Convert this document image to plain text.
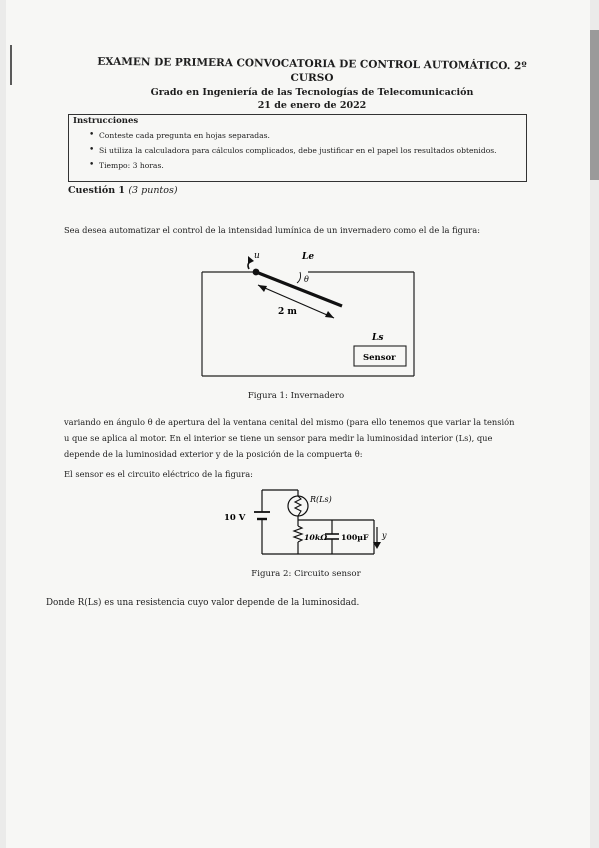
EXAMEN DE PRIMERA CONVOCATORIA DE CONTROL AUTOMÁTICO. 2º
CURSO
Grado en Ingeniería de las Tecnologías de Telecomunicación
21 de enero de 2022
Instrucciones
• Conteste cada pregunta en hojas separadas.
• Si utiliza la calculadora para cálculos complicados, debe justificar en el papel los resultados obtenidos.
• Tiempo: 3 horas.
Cuestión 1 (3 puntos)
Sea desea automatizar el control de la intensidad lumínica de un invernadero como el de la figura:
u	Le
θ
2 m
Ls
Sensor
Figura 1: Invernadero
variando en ángulo θ de apertura del la ventana cenital del mismo (para ello tenemos que variar la tensión
u que se aplica al motor. En el interior se tiene un sensor para medir la luminosidad interior (Ls), que
depende de la luminosidad exterior y de la posición de la compuerta θ:
El sensor es el circuito eléctrico de la figura:
10 V
R(Ls)
10kΩ 100µF y
Figura 2: Circuito sensor
Donde R(Ls) es una resistencia cuyo valor depende de la luminosidad.
